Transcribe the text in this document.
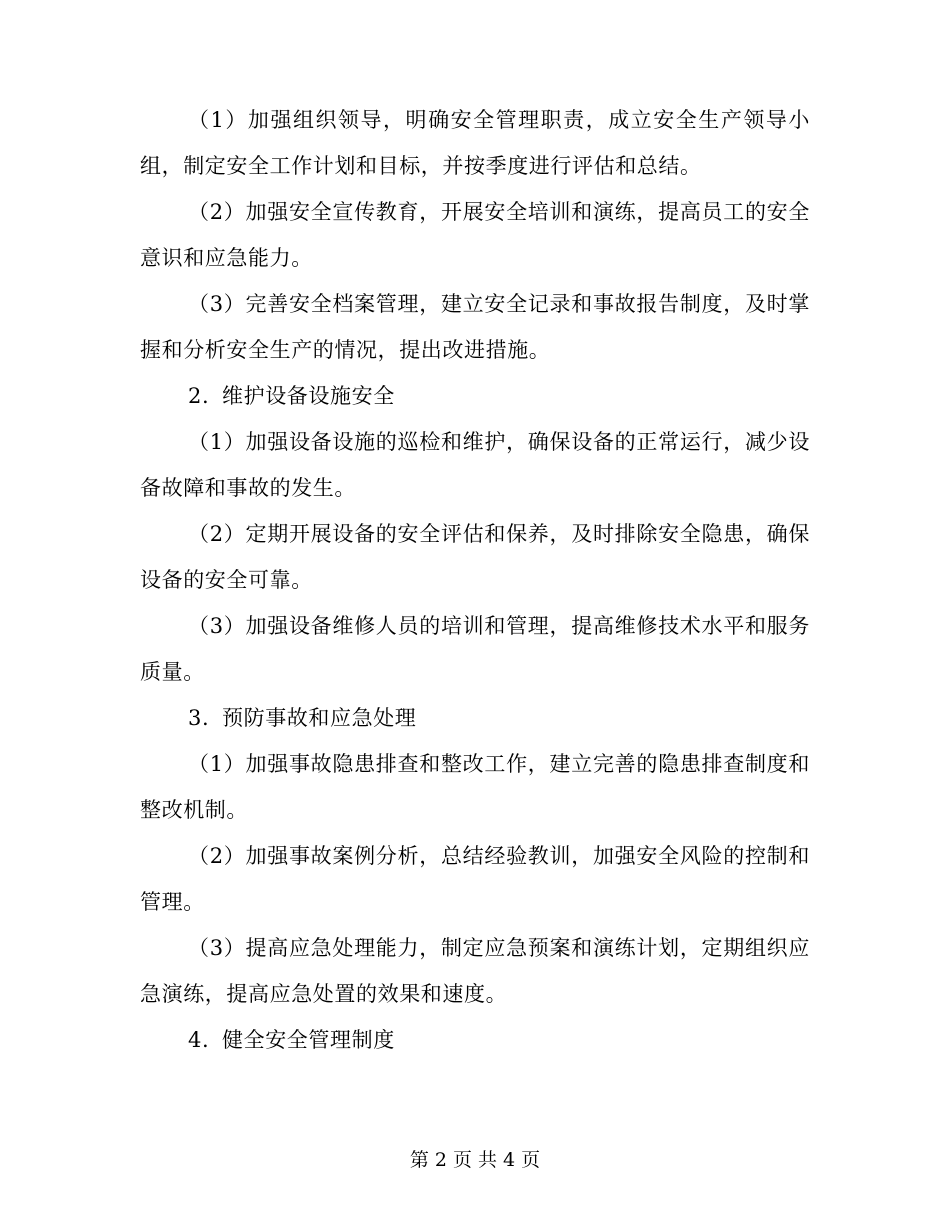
（1）加强组织领导，明确安全管理职责，成立安全生产领导小组，制定安全工作计划和目标，并按季度进行评估和总结。

（2）加强安全宣传教育，开展安全培训和演练，提高员工的安全意识和应急能力。

（3）完善安全档案管理，建立安全记录和事故报告制度，及时掌握和分析安全生产的情况，提出改进措施。

2. 维护设备设施安全

（1）加强设备设施的巡检和维护，确保设备的正常运行，减少设备故障和事故的发生。

（2）定期开展设备的安全评估和保养，及时排除安全隐患，确保设备的安全可靠。

（3）加强设备维修人员的培训和管理，提高维修技术水平和服务质量。

3. 预防事故和应急处理

（1）加强事故隐患排查和整改工作，建立完善的隐患排查制度和整改机制。

（2）加强事故案例分析，总结经验教训，加强安全风险的控制和管理。

（3）提高应急处理能力，制定应急预案和演练计划，定期组织应急演练，提高应急处置的效果和速度。

4. 健全安全管理制度

第 2 页 共 4 页
